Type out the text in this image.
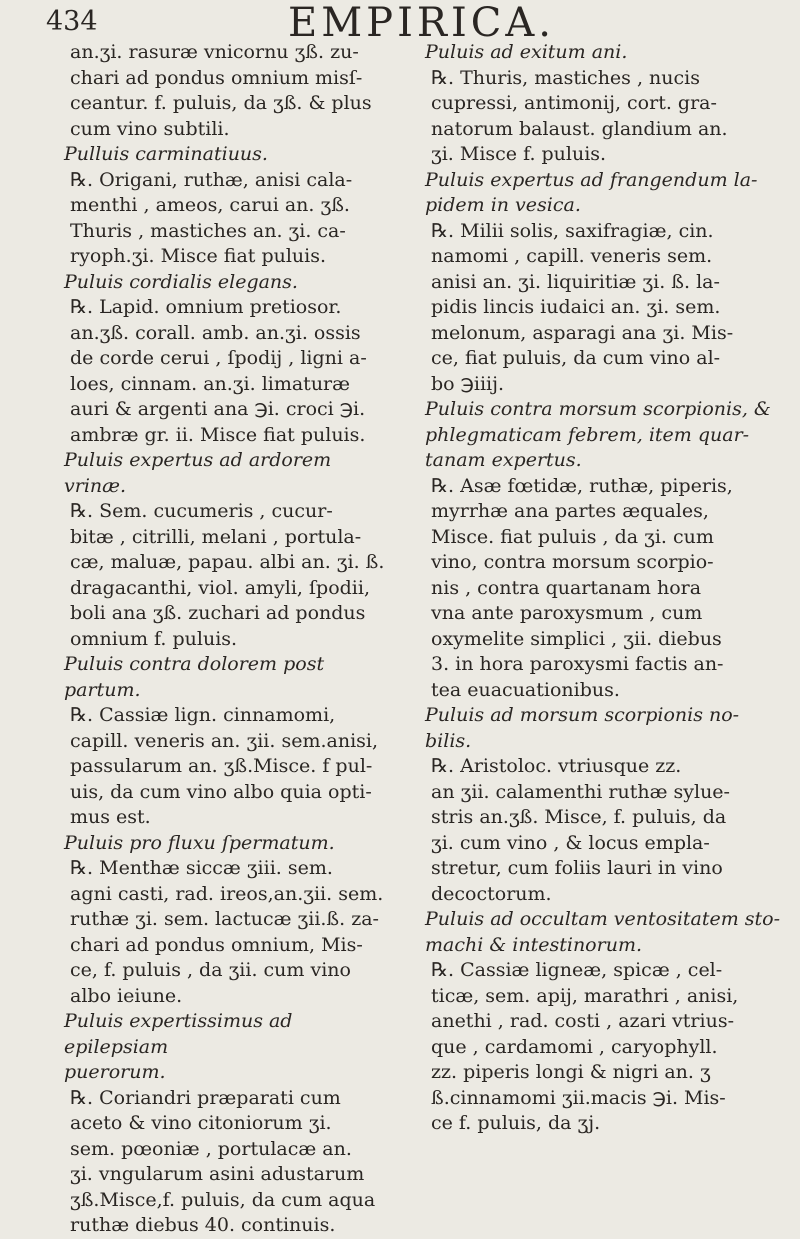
434	EMPIRICA.

an.ʒi. rasuræ vnicornu ʒß. zu-

chari ad pondus omnium misſ-

ceantur. f. puluis, da ʒß. & plus

cum vino subtili.

Pulluis carminatiuus.

℞. Origani, ruthæ, anisi cala-

menthi , ameos, carui an. ʒß.

Thuris , mastiches an. ʒi. ca-

ryoph.ʒi. Misce fiat puluis.

Puluis cordialis elegans.

℞. Lapid. omnium pretiosor.

an.ʒß. corall. amb. an.ʒi. ossis

de corde cerui , ſpodij , ligni a-

loes, cinnam. an.ʒi. limaturæ

auri & argenti ana ℈i. croci ℈i.

ambræ gr. ii. Misce fiat puluis.

Puluis expertus ad ardorem vrinæ.

℞. Sem. cucumeris , cucur-

bitæ , citrilli, melani , portula-

cæ, maluæ, papau. albi an. ʒi. ß.

dragacanthi, viol. amyli, ſpodii,

boli ana ʒß. zuchari ad pondus

omnium f. puluis.

Puluis contra dolorem post partum.

℞. Cassiæ lign. cinnamomi,

capill. veneris an. ʒii. sem.anisi,

passularum an. ʒß.Misce. f pul-

uis, da cum vino albo quia opti-

mus est.

Puluis pro fluxu ſpermatum.

℞. Menthæ siccæ ʒiii. sem.

agni casti, rad. ireos,an.ʒii. sem.

ruthæ ʒi. sem. lactucæ ʒii.ß. za-

chari ad pondus omnium, Mis-

ce, f. puluis , da ʒii. cum vino

albo ieiune.

Puluis expertissimus ad epilepsiam

puerorum.

℞. Coriandri præparati cum

aceto & vino citoniorum ʒi.

sem. pœoniæ , portulacæ an.

ʒi. vngularum asini adustarum

ʒß.Misce,f. puluis, da cum aqua

ruthæ diebus 40. continuis.

Puluis ad exitum ani.

℞. Thuris, mastiches , nucis

cupressi, antimonij, cort. gra-

natorum balaust. glandium an.

ʒi. Misce f. puluis.

Puluis expertus ad frangendum la-

pidem in vesica.

℞. Milii solis, saxifragiæ, cin.

namomi , capill. veneris sem.

anisi an. ʒi. liquiritiæ ʒi. ß. la-

pidis lincis iudaici an. ʒi. sem.

melonum, asparagi ana ʒi. Mis-

ce, fiat puluis, da cum vino al-

bo ℈iiij.

Puluis contra morsum scorpionis, &

phlegmaticam febrem, item quar-

tanam expertus.

℞. Asæ fœtidæ, ruthæ, piperis,

myrrhæ ana partes æquales,

Misce. fiat puluis , da ʒi. cum

vino, contra morsum scorpio-

nis , contra quartanam hora

vna ante paroxysmum , cum

oxymelite simplici , ʒii. diebus

3. in hora paroxysmi factis an-

tea euacuationibus.

Puluis ad morsum scorpionis no-

bilis.

℞. Aristoloc. vtriusque zz.

an ʒii. calamenthi ruthæ sylue-

stris an.ʒß. Misce, f. puluis, da

ʒi. cum vino , & locus empla-

stretur, cum foliis lauri in vino

decoctorum.

Puluis ad occultam ventositatem sto-

machi & intestinorum.

℞. Cassiæ ligneæ, spicæ , cel-

ticæ, sem. apij, marathri , anisi,

anethi , rad. costi , azari vtrius-

que , cardamomi , caryophyll.

zz. piperis longi & nigri an. ʒ

ß.cinnamomi ʒii.macis ℈i. Mis-

ce f. puluis, da ʒj.
